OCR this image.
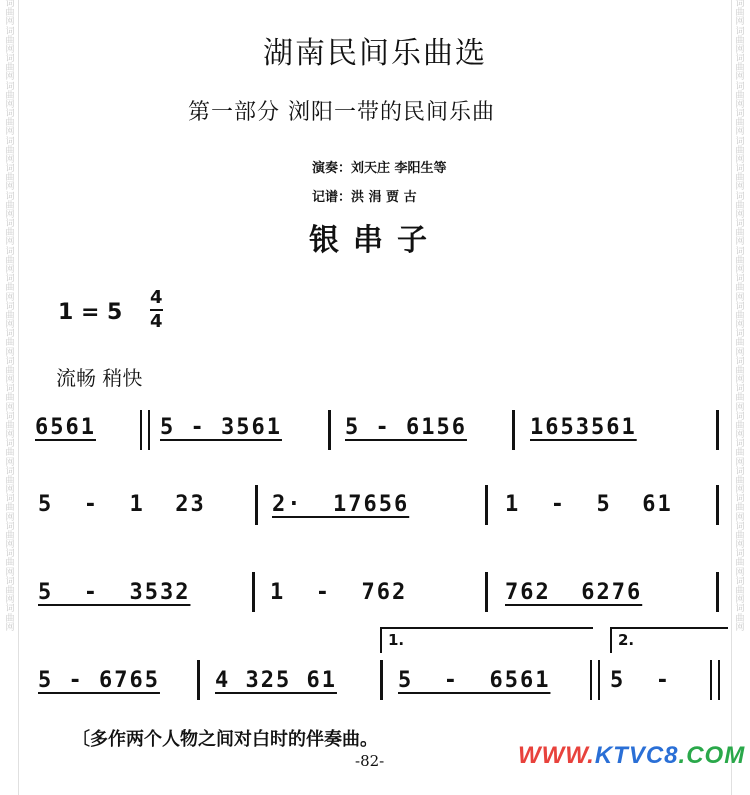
词曲网词曲网词曲网词曲网词曲网词曲网词曲网词曲网词曲网词曲网词曲网词曲网词曲网词曲网词曲网词曲网词曲网词曲网词曲网词曲网词曲网词曲网词曲网
词曲网词曲网词曲网词曲网词曲网词曲网词曲网词曲网词曲网词曲网词曲网词曲网词曲网词曲网词曲网词曲网词曲网词曲网词曲网词曲网词曲网词曲网词曲网
湖南民间乐曲选
第一部分 浏阳一带的民间乐曲
演奏：刘天庄 李阳生等
记谱：洪 涓 贾 古
银串子
1 = 5
4
4
流畅 稍快
6561	5 - 3561	5 - 6156	1653561
5  -  1  23	2·  17656	1  -  5  61
5  -  3532	1  -  762	762  6276
1.	2.
5 - 6765	4 325 61	5  -  6561	5  -
〔多作两个人物之间对白时的伴奏曲。
-82-	WWW.KTVC8.COM
